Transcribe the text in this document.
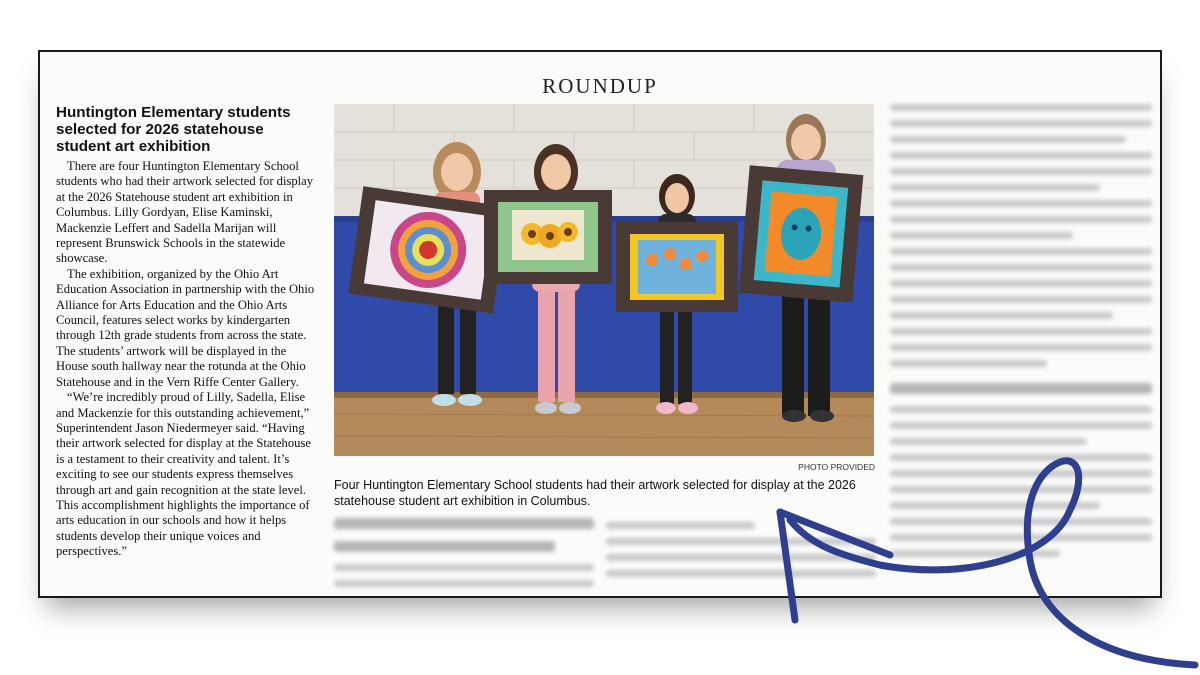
ROUNDUP
Huntington Elementary students selected for 2026 statehouse student art exhibition

There are four Huntington Elementary School students who had their artwork selected for display at the 2026 Statehouse student art exhibition in Columbus. Lilly Gordyan, Elise Kaminski, Mackenzie Leffert and Sadella Marijan will represent Brunswick Schools in the statewide showcase.

The exhibition, organized by the Ohio Art Education Association in partnership with the Ohio Alliance for Arts Education and the Ohio Arts Council, features select works by kindergarten through 12th grade students from across the state. The students’ artwork will be displayed in the House south hallway near the rotunda at the Ohio Statehouse and in the Vern Riffe Center Gallery.

“We’re incredibly proud of Lilly, Sadella, Elise and Mackenzie for this outstanding achievement,” Superintendent Jason Niedermeyer said. “Having their artwork selected for display at the Statehouse is a testament to their creativity and talent. It’s exciting to see our students express themselves through art and gain recognition at the state level. This accomplishment highlights the importance of arts education in our schools and how it helps students develop their unique voices and perspectives.”

PHOTO PROVIDED
Four Huntington Elementary School students had their artwork selected for display at the 2026 statehouse student art exhibition in Columbus.
